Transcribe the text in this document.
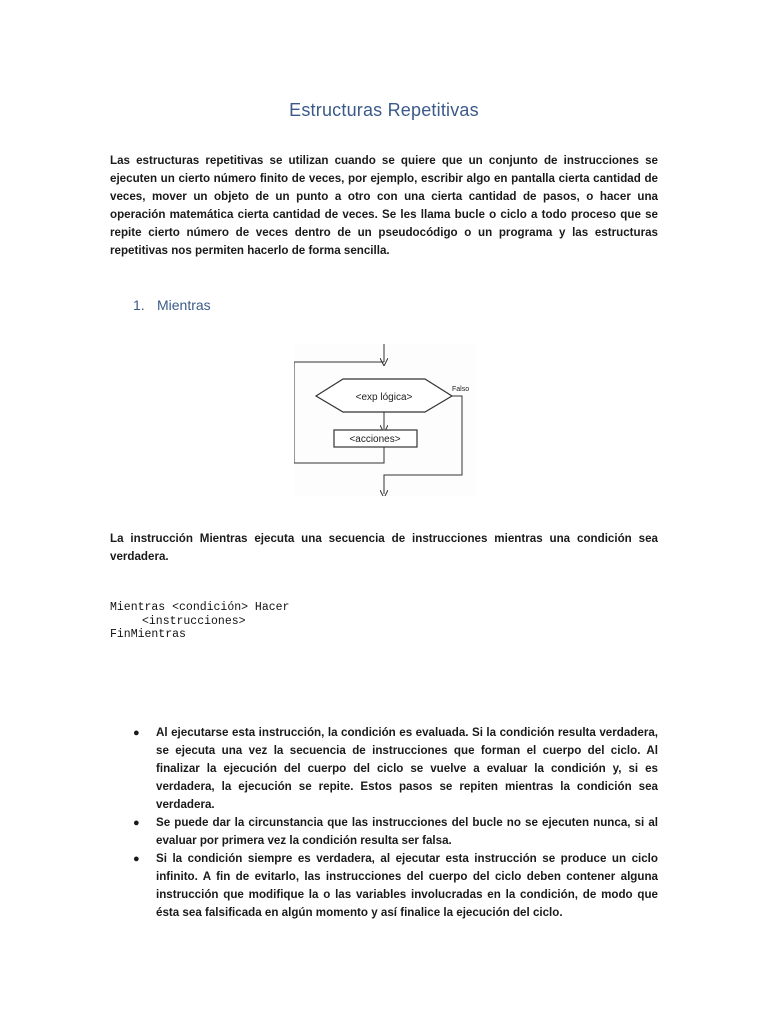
Estructuras Repetitivas

Las estructuras repetitivas se utilizan cuando se quiere que un conjunto de instrucciones se ejecuten un cierto número finito de veces, por ejemplo, escribir algo en pantalla cierta cantidad de veces, mover un objeto de un punto a otro con una cierta cantidad de pasos, o hacer una operación matemática cierta cantidad de veces. Se les llama bucle o ciclo a todo proceso que se repite cierto número de veces dentro de un pseudocódigo o un programa y las estructuras repetitivas nos permiten hacerlo de forma sencilla.

1. Mientras
<exp lógica>
Falso
<acciones>

La instrucción Mientras ejecuta una secuencia de instrucciones mientras una condición sea verdadera.

Mientras <condición> Hacer
<instrucciones>
FinMientras
● Al ejecutarse esta instrucción, la condición es evaluada. Si la condición resulta verdadera, se ejecuta una vez la secuencia de instrucciones que forman el cuerpo del ciclo. Al finalizar la ejecución del cuerpo del ciclo se vuelve a evaluar la condición y, si es verdadera, la ejecución se repite. Estos pasos se repiten mientras la condición sea verdadera.
● Se puede dar la circunstancia que las instrucciones del bucle no se ejecuten nunca, si al evaluar por primera vez la condición resulta ser falsa.
● Si la condición siempre es verdadera, al ejecutar esta instrucción se produce un ciclo infinito. A fin de evitarlo, las instrucciones del cuerpo del ciclo deben contener alguna instrucción que modifique la o las variables involucradas en la condición, de modo que ésta sea falsificada en algún momento y así finalice la ejecución del ciclo.
